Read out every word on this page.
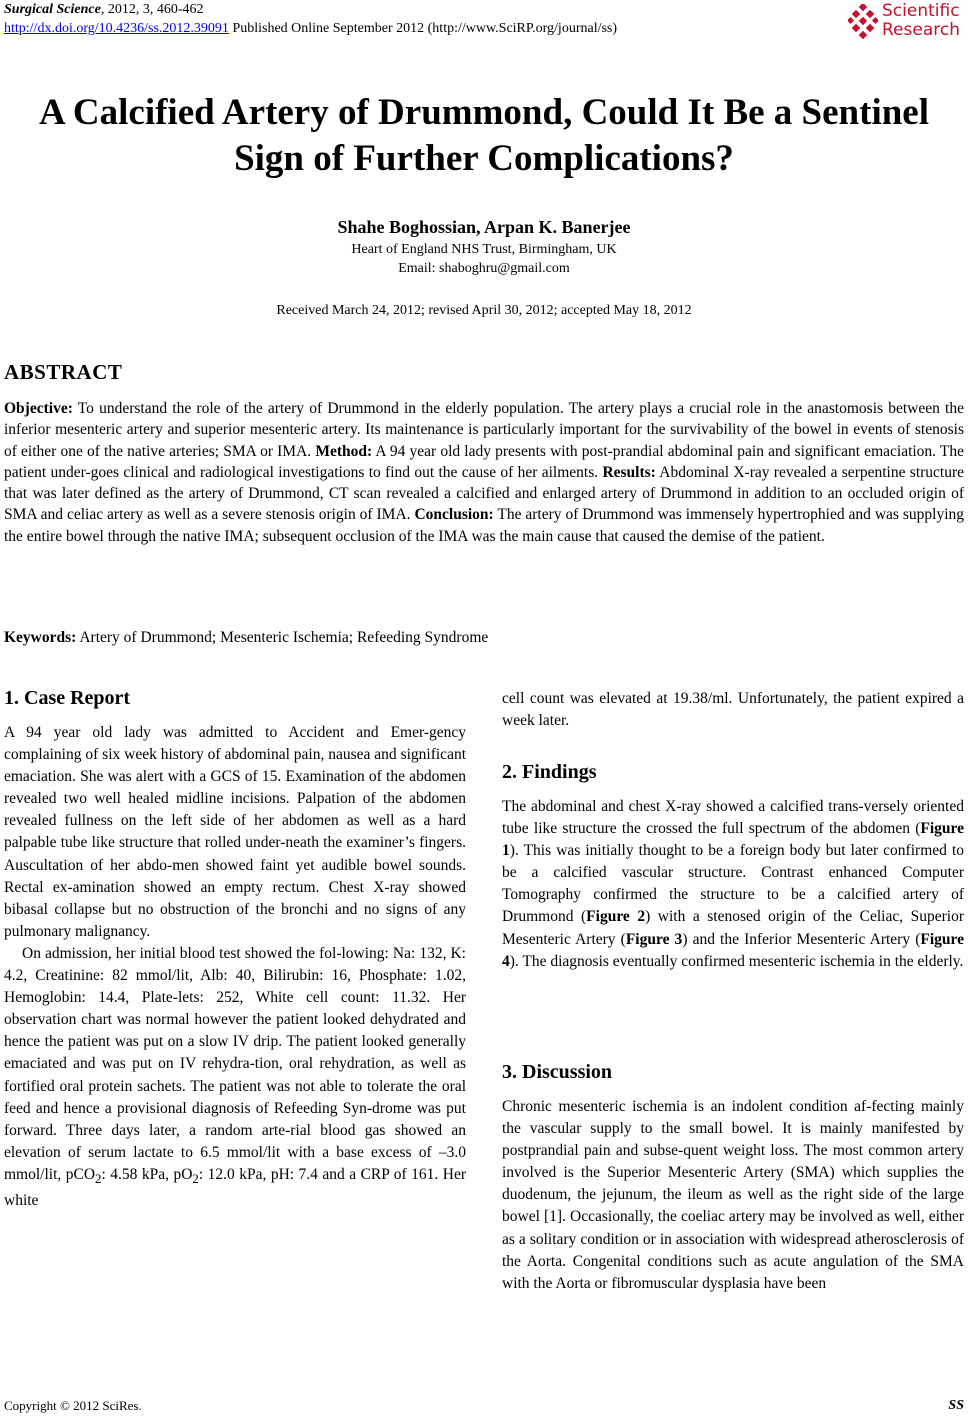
Surgical Science, 2012, 3, 460-462
http://dx.doi.org/10.4236/ss.2012.39091 Published Online September 2012 (http://www.SciRP.org/journal/ss)
Scientific
Research
A Calcified Artery of Drummond, Could It Be a Sentinel
Sign of Further Complications?
Shahe Boghossian, Arpan K. Banerjee
Heart of England NHS Trust, Birmingham, UK
Email: shaboghru@gmail.com
Received March 24, 2012; revised April 30, 2012; accepted May 18, 2012
ABSTRACT
Objective: To understand the role of the artery of Drummond in the elderly population. The artery plays a crucial role in the anastomosis between the inferior mesenteric artery and superior mesenteric artery. Its maintenance is particularly important for the survivability of the bowel in events of stenosis of either one of the native arteries; SMA or IMA. Method: A 94 year old lady presents with post-prandial abdominal pain and significant emaciation. The patient under-goes clinical and radiological investigations to find out the cause of her ailments. Results: Abdominal X-ray revealed a serpentine structure that was later defined as the artery of Drummond, CT scan revealed a calcified and enlarged artery of Drummond in addition to an occluded origin of SMA and celiac artery as well as a severe stenosis origin of IMA. Conclusion: The artery of Drummond was immensely hypertrophied and was supplying the entire bowel through the native IMA; subsequent occlusion of the IMA was the main cause that caused the demise of the patient.
Keywords: Artery of Drummond; Mesenteric Ischemia; Refeeding Syndrome
1. Case Report

A 94 year old lady was admitted to Accident and Emer-gency complaining of six week history of abdominal pain, nausea and significant emaciation. She was alert with a GCS of 15. Examination of the abdomen revealed two well healed midline incisions. Palpation of the abdomen revealed fullness on the left side of her abdomen as well as a hard palpable tube like structure that rolled under-neath the examiner’s fingers. Auscultation of her abdo-men showed faint yet audible bowel sounds. Rectal ex-amination showed an empty rectum. Chest X-ray showed bibasal collapse but no obstruction of the bronchi and no signs of any pulmonary malignancy.

On admission, her initial blood test showed the fol-lowing: Na: 132, K: 4.2, Creatinine: 82 mmol/lit, Alb: 40, Bilirubin: 16, Phosphate: 1.02, Hemoglobin: 14.4, Plate-lets: 252, White cell count: 11.32. Her observation chart was normal however the patient looked dehydrated and hence the patient was put on a slow IV drip. The patient looked generally emaciated and was put on IV rehydra-tion, oral rehydration, as well as fortified oral protein sachets. The patient was not able to tolerate the oral feed and hence a provisional diagnosis of Refeeding Syn-drome was put forward. Three days later, a random arte-rial blood gas showed an elevation of serum lactate to 6.5 mmol/lit with a base excess of –3.0 mmol/lit, pCO$_2$: 4.58 kPa, $pO_2$: 12.0 kPa, pH: 7.4 and a CRP of 161. Her white

cell count was elevated at 19.38/ml. Unfortunately, the patient expired a week later.
2. Findings

The abdominal and chest X-ray showed a calcified trans-versely oriented tube like structure the crossed the full spectrum of the abdomen (Figure 1). This was initially thought to be a foreign body but later confirmed to be a calcified vascular structure. Contrast enhanced Computer Tomography confirmed the structure to be a calcified artery of Drummond (Figure 2) with a stenosed origin of the Celiac, Superior Mesenteric Artery (Figure 3) and the Inferior Mesenteric Artery (Figure 4). The diagnosis eventually confirmed mesenteric ischemia in the elderly.

3. Discussion
Chronic mesenteric ischemia is an indolent condition af-fecting mainly the vascular supply to the small bowel. It is mainly manifested by postprandial pain and subse-quent weight loss. The most common artery involved is the Superior Mesenteric Artery (SMA) which supplies the duodenum, the jejunum, the ileum as well as the right side of the large bowel [1]. Occasionally, the coeliac artery may be involved as well, either as a solitary condition or in association with widespread atherosclerosis of the Aorta. Congenital conditions such as acute angulation of the SMA with the Aorta or fibromuscular dysplasia have been
Copyright © 2012 SciRes.	SS
